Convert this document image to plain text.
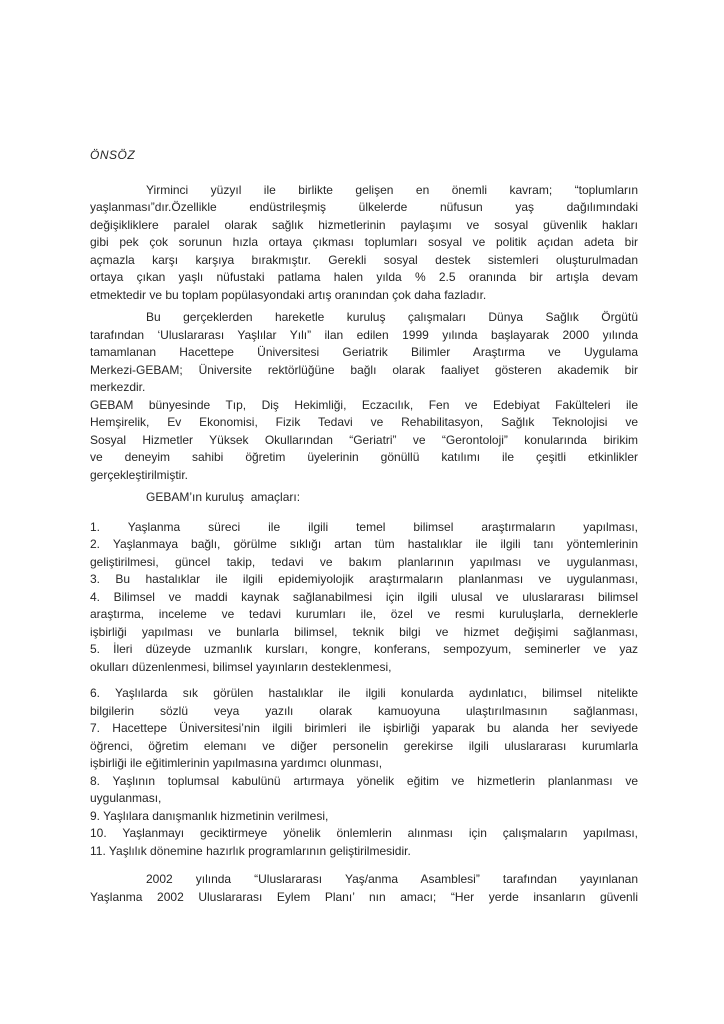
ÖNSÖZ
Yirminci yüzyıl ile birlikte gelişen en önemli kavram; “toplumların
yaşlanması”dır.Özellikle endüstrileşmiş ülkelerde nüfusun yaş dağılımındaki
değişikliklere paralel olarak sağlık hizmetlerinin paylaşımı ve sosyal güvenlik hakları
gibi pek çok sorunun hızla ortaya çıkması toplumları sosyal ve politik açıdan adeta bir
açmazla karşı karşıya bırakmıştır. Gerekli sosyal destek sistemleri oluşturulmadan
ortaya çıkan yaşlı nüfustaki patlama halen yılda % 2.5 oranında bir artışla devam
etmektedir ve bu toplam popülasyondaki artış oranından çok daha fazladır.
Bu gerçeklerden hareketle kuruluş çalışmaları Dünya Sağlık Örgütü
tarafından ‘Uluslararası Yaşlılar Yılı” ilan edilen 1999 yılında başlayarak 2000 yılında
tamamlanan Hacettepe Üniversitesi Geriatrik Bilimler Araştırma ve Uygulama
Merkezi-GEBAM; Üniversite rektörlüğüne bağlı olarak faaliyet gösteren akademik bir
merkezdir.
GEBAM bünyesinde Tıp, Diş Hekimliği, Eczacılık, Fen ve Edebiyat Fakülteleri ile
Hemşirelik, Ev Ekonomisi, Fizik Tedavi ve Rehabilitasyon, Sağlık Teknolojisi ve
Sosyal Hizmetler Yüksek Okullarından “Geriatri” ve “Gerontoloji” konularında birikim
ve deneyim sahibi öğretim üyelerinin gönüllü katılımı ile çeşitli etkinlikler
gerçekleştirilmiştir.
GEBAM’ın kuruluş  amaçları:
1. Yaşlanma süreci ile ilgili temel bilimsel araştırmaların yapılması,
2. Yaşlanmaya bağlı, görülme sıklığı artan tüm hastalıklar ile ilgili tanı yöntemlerinin
geliştirilmesi, güncel takip, tedavi ve bakım planlarının yapılması ve uygulanması,
3. Bu hastalıklar ile ilgili epidemiyolojik araştırmaların planlanması ve uygulanması,
4. Bilimsel ve maddi kaynak sağlanabilmesi için ilgili ulusal ve uluslararası bilimsel
araştırma, inceleme ve tedavi kurumları ile, özel ve resmi kuruluşlarla, derneklerle
işbirliği yapılması ve bunlarla bilimsel, teknik bilgi ve hizmet değişimi sağlanması,
5. İleri düzeyde uzmanlık kursları, kongre, konferans, sempozyum, seminerler ve yaz
okulları düzenlenmesi, bilimsel yayınların desteklenmesi,
6. Yaşlılarda sık görülen hastalıklar ile ilgili konularda aydınlatıcı, bilimsel nitelikte
bilgilerin sözlü veya yazılı olarak kamuoyuna ulaştırılmasının sağlanması,
7. Hacettepe Üniversitesi’nin ilgili birimleri ile işbirliği yaparak bu alanda her seviyede
öğrenci, öğretim elemanı ve diğer personelin gerekirse ilgili uluslararası kurumlarla
işbirliği ile eğitimlerinin yapılmasına yardımcı olunması,
8. Yaşlının toplumsal kabulünü artırmaya yönelik eğitim ve hizmetlerin planlanması ve
uygulanması,
9. Yaşlılara danışmanlık hizmetinin verilmesi,
10. Yaşlanmayı geciktirmeye yönelik önlemlerin alınması için çalışmaların yapılması,
11. Yaşlılık dönemine hazırlık programlarının geliştirilmesidir.
2002 yılında “Uluslararası Yaş/anma Asamblesi” tarafından yayınlanan
Yaşlanma 2002 Uluslararası Eylem Planı’ nın amacı; “Her yerde insanların güvenli
